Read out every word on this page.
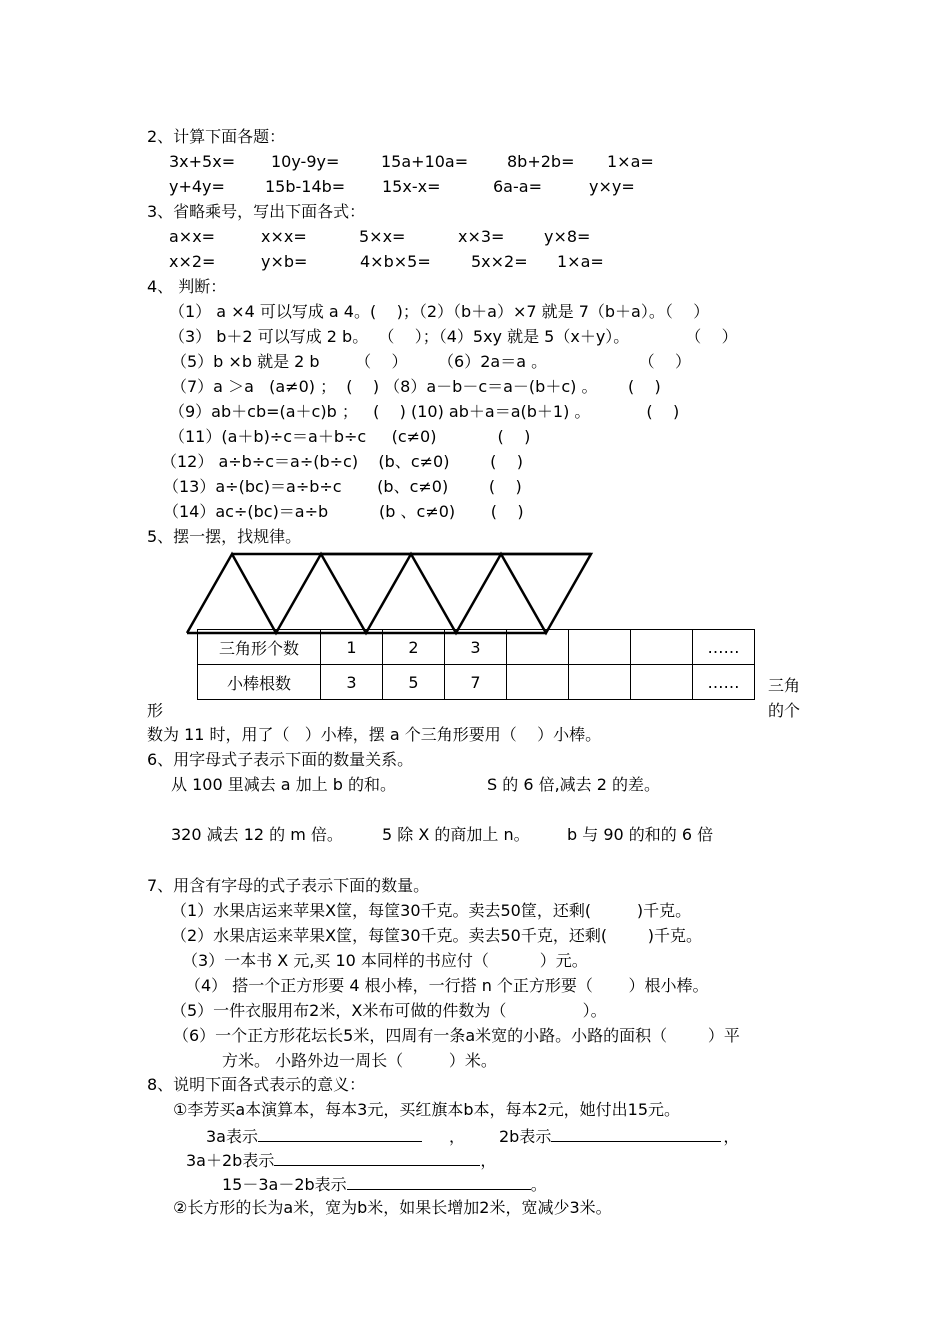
2、计算下面各题：
3x+5x= 10y-9y=	15a+10a= 8b+2b= 1×a=
y+4y=	15b-14b= 15x-x=	6a-a=	y×y=
3、省略乘号，写出下面各式：
a×x=	x×x=	5×x=	x×3= y×8=
x×2=	y×b=	4×b×5=	5x×2= 1×a=
4、 判断：
（1） a ×4 可以写成 a 4。(    )；（2）（b＋a）×7 就是 7（b＋a）。（    ）
（3） b＋2 可以写成 2 b。  （    ）；（4）5xy 就是 5（x＋y）。           （    ）
（5）b ×b 就是 2 b       （    ）      （6）2a＝a 。                  （    ）
（7）a ＞a   (a≠0) ；  (    ) （8）a－b－c＝a－(b＋c) 。      (    )
（9）ab＋cb=(a＋c)b ；   (    ) (10) ab＋a＝a(b＋1) 。           (    )
（11）(a＋b)÷c＝a＋b÷c     (c≠0)            (    )
（12） a÷b÷c＝a÷(b÷c)    (b、c≠0)        (    )
（13）a÷(bc)＝a÷b÷c       (b、c≠0)        (    )
（14）ac÷(bc)＝a÷b          (b 、c≠0)       (    )
5、摆一摆，找规律。
三角形个数	1	2	3				……
小棒根数	3	5	7				…… 三角
的个
形
数为 11 时，用了（   ）小棒，摆 a 个三角形要用（    ）小棒。
6、用字母式子表示下面的数量关系。
从 100 里减去 a 加上 b 的和。	S 的 6 倍,减去 2 的差。
320 减去 12 的 m 倍。 5 除 X 的商加上 n。 b 与 90 的和的 6 倍
7、用含有字母的式子表示下面的数量。
（1）水果店运来苹果X筐，每筐30千克。卖去50筐，还剩(         )千克。
（2）水果店运来苹果X筐，每筐30千克。卖去50千克，还剩(        )千克。
（3）一本书 X 元,买 10 本同样的书应付（          ）元。
（4） 搭一个正方形要 4 根小棒，一行搭 n 个正方形要（       ）根小棒。
（5）一件衣服用布2米，X米布可做的件数为（               ）。
（6）一个正方形花坛长5米，四周有一条a米宽的小路。小路的面积（        ）平
方米。 小路外边一周长（         ）米。
8、说明下面各式表示的意义：
①李芳买a本演算本，每本3元，买红旗本b本，每本2元，她付出15元。
3a表示	，	2b表示	，
3a＋2b表示	，
15－3a－2b表示	。
②长方形的长为a米，宽为b米，如果长增加2米，宽减少3米。
